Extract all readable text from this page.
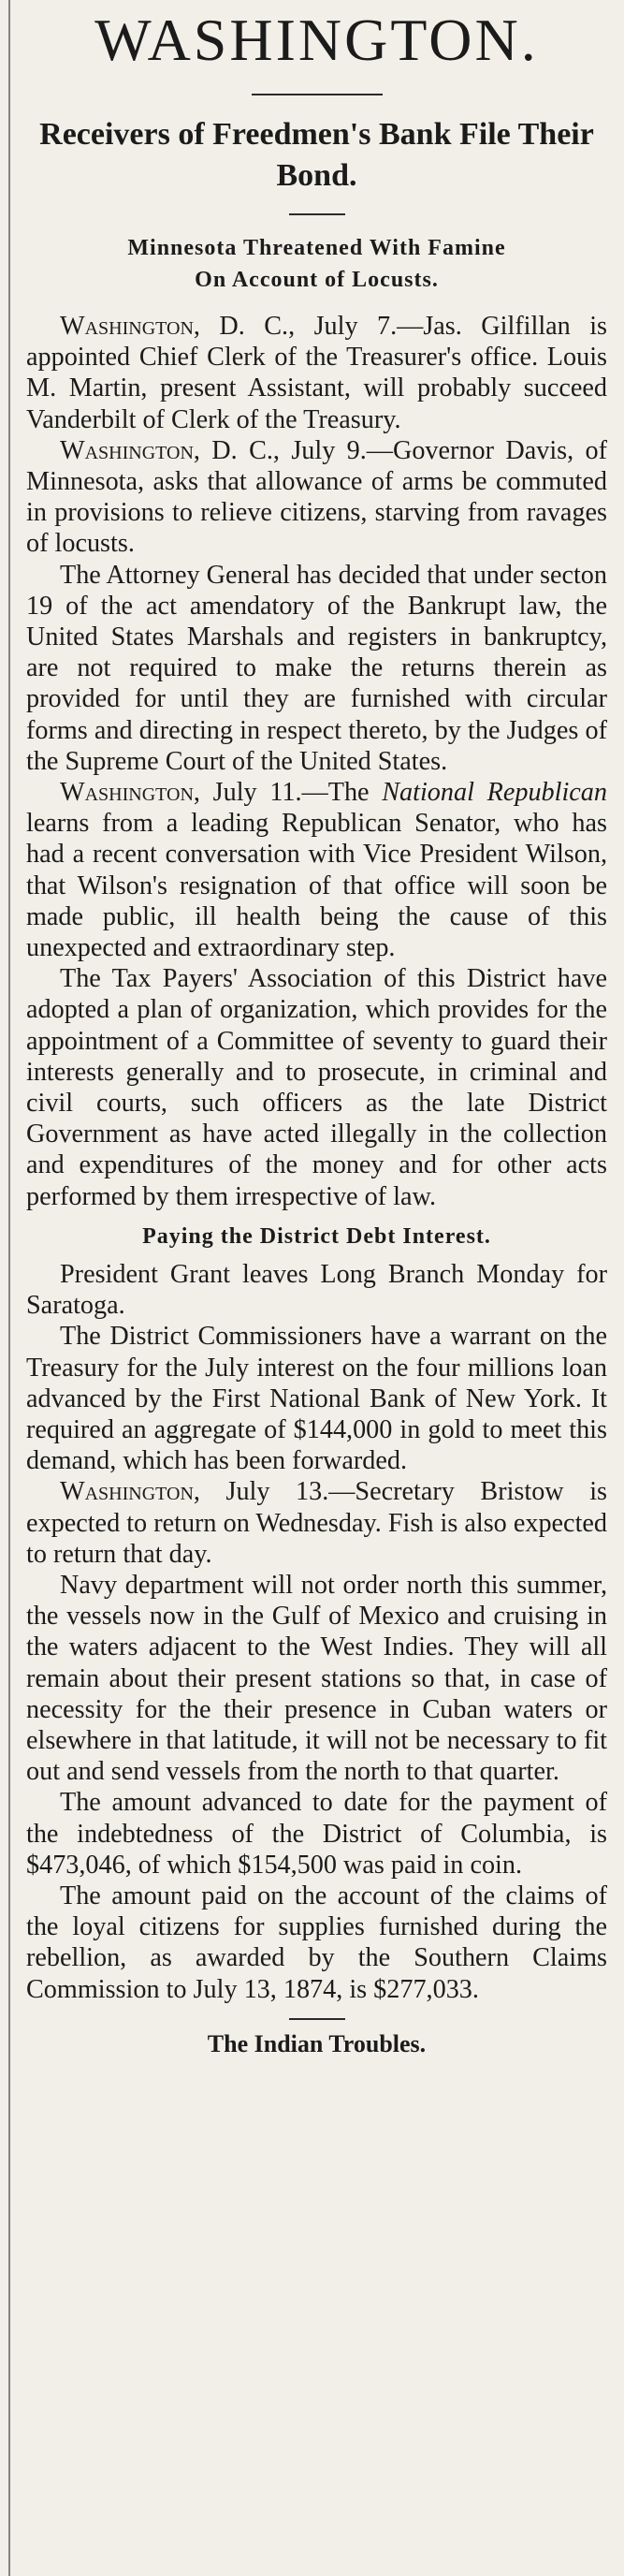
WASHINGTON.
Receivers of Freedmen's Bank File Their Bond.
Minnesota Threatened With Famine
On Account of Locusts.

Washington, D. C., July 7.—Jas. Gilfillan is appointed Chief Clerk of the Treasurer's office. Louis M. Martin, present Assistant, will probably succeed Vanderbilt of Clerk of the Treasury.

Washington, D. C., July 9.—Governor Davis, of Minnesota, asks that allowance of arms be commuted in provisions to relieve citizens, starving from ravages of locusts.

The Attorney General has decided that under secton 19 of the act amendatory of the Bankrupt law, the United States Marshals and registers in bankruptcy, are not required to make the returns therein as provided for until they are furnished with circular forms and directing in respect thereto, by the Judges of the Supreme Court of the United States.

Washington, July 11.—The National Republican learns from a leading Republican Senator, who has had a recent conversation with Vice President Wilson, that Wilson's resignation of that office will soon be made public, ill health being the cause of this unexpected and extraordinary step.

The Tax Payers' Association of this District have adopted a plan of organization, which provides for the appointment of a Committee of seventy to guard their interests generally and to prosecute, in criminal and civil courts, such officers as the late District Government as have acted illegally in the collection and expenditures of the money and for other acts performed by them irrespective of law.

Paying the District Debt Interest.

President Grant leaves Long Branch Monday for Saratoga.

The District Commissioners have a warrant on the Treasury for the July interest on the four millions loan advanced by the First National Bank of New York. It required an aggregate of $144,000 in gold to meet this demand, which has been forwarded.

Washington, July 13.—Secretary Bristow is expected to return on Wednesday. Fish is also expected to return that day.

Navy department will not order north this summer, the vessels now in the Gulf of Mexico and cruising in the waters adjacent to the West Indies. They will all remain about their present stations so that, in case of necessity for the their presence in Cuban waters or elsewhere in that latitude, it will not be necessary to fit out and send vessels from the north to that quarter.

The amount advanced to date for the payment of the indebtedness of the District of Columbia, is $473,046, of which $154,500 was paid in coin.

The amount paid on the account of the claims of the loyal citizens for supplies furnished during the rebellion, as awarded by the Southern Claims Commission to July 13, 1874, is $277,033.

The Indian Troubles.
